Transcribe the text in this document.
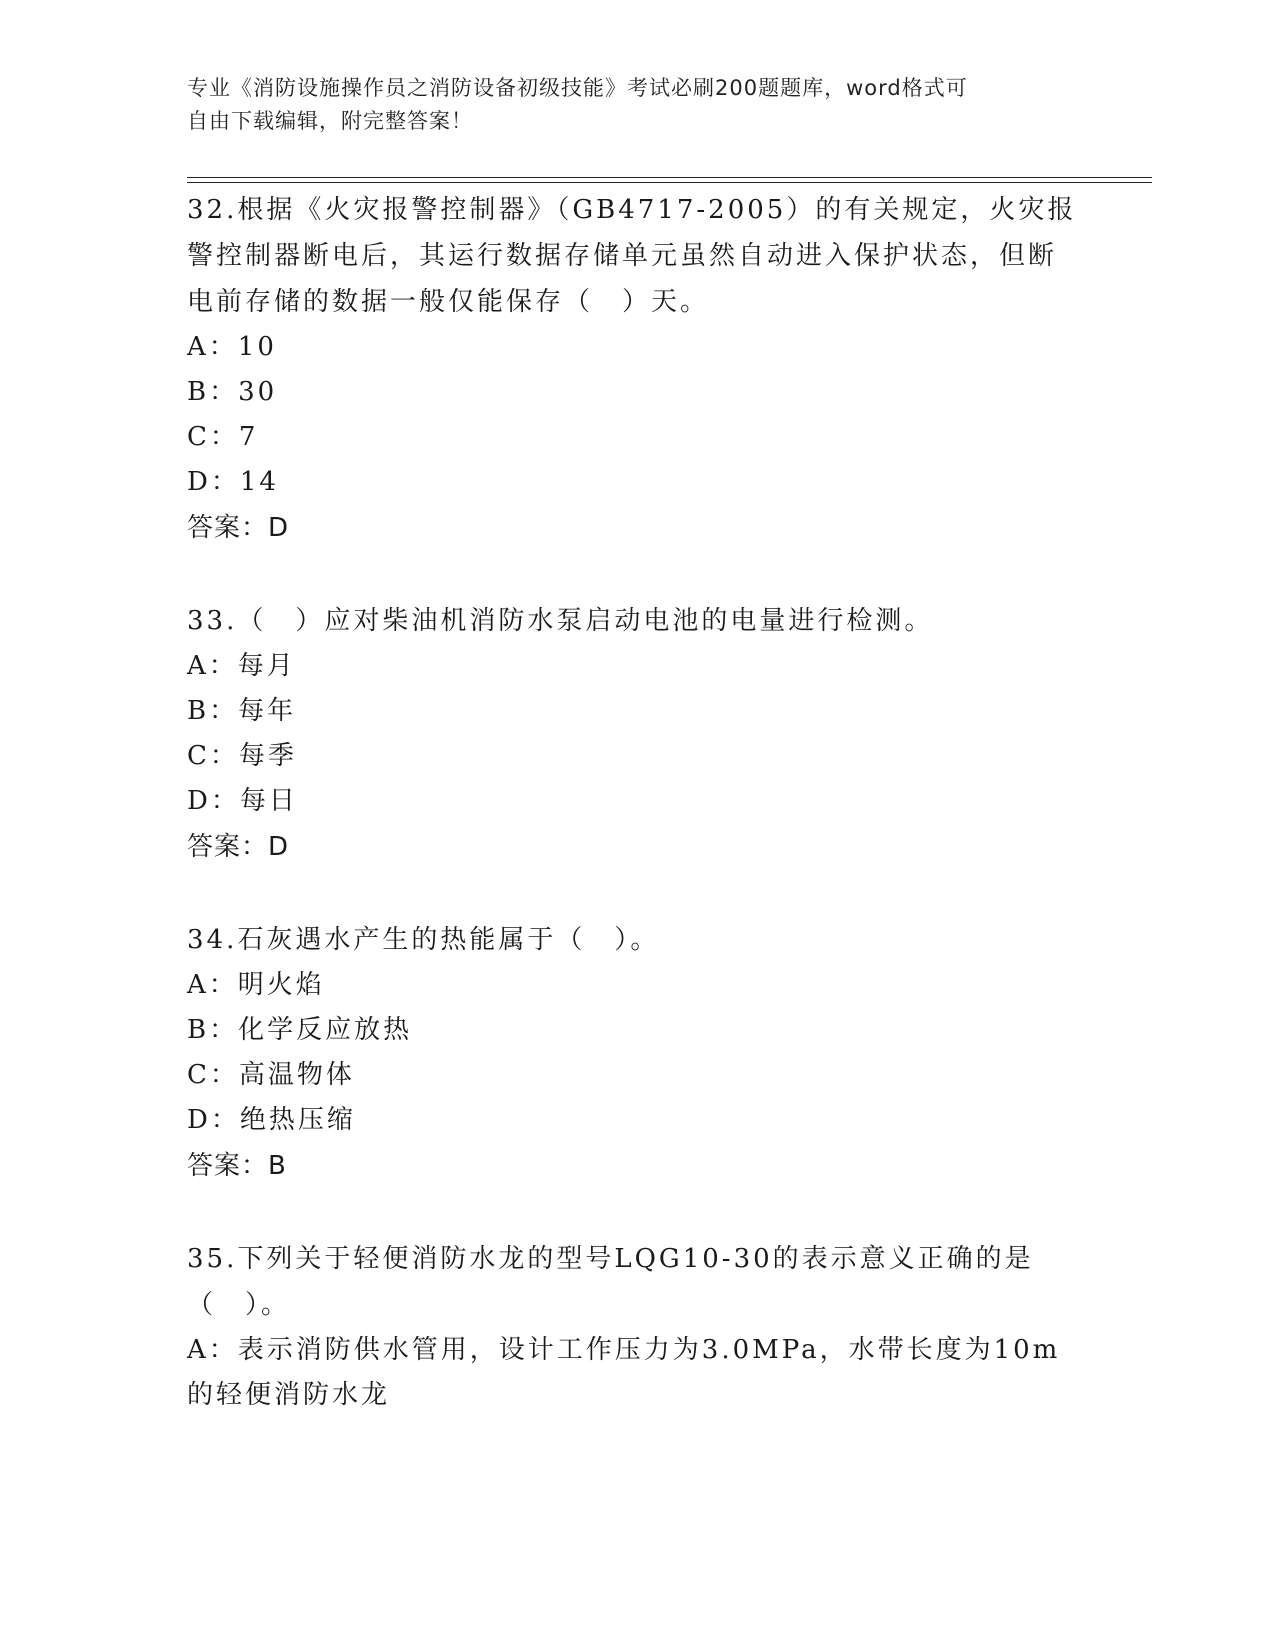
专业《消防设施操作员之消防设备初级技能》考试必刷200题题库，word格式可
自由下载编辑，附完整答案！

32.根据《火灾报警控制器》（GB4717-2005）的有关规定，火灾报警控制器断电后，其运行数据存储单元虽然自动进入保护状态，但断电前存储的数据一般仅能保存（　）天。

A：10

B：30

C：7

D：14

答案：D

33.（　）应对柴油机消防水泵启动电池的电量进行检测。

A：每月

B：每年

C：每季

D：每日

答案：D

34.石灰遇水产生的热能属于（　）。

A：明火焰

B：化学反应放热

C：高温物体

D：绝热压缩

答案：B

35.下列关于轻便消防水龙的型号LQG10-30的表示意义正确的是（　）。

A：表示消防供水管用，设计工作压力为3.0MPa，水带长度为10m的轻便消防水龙
